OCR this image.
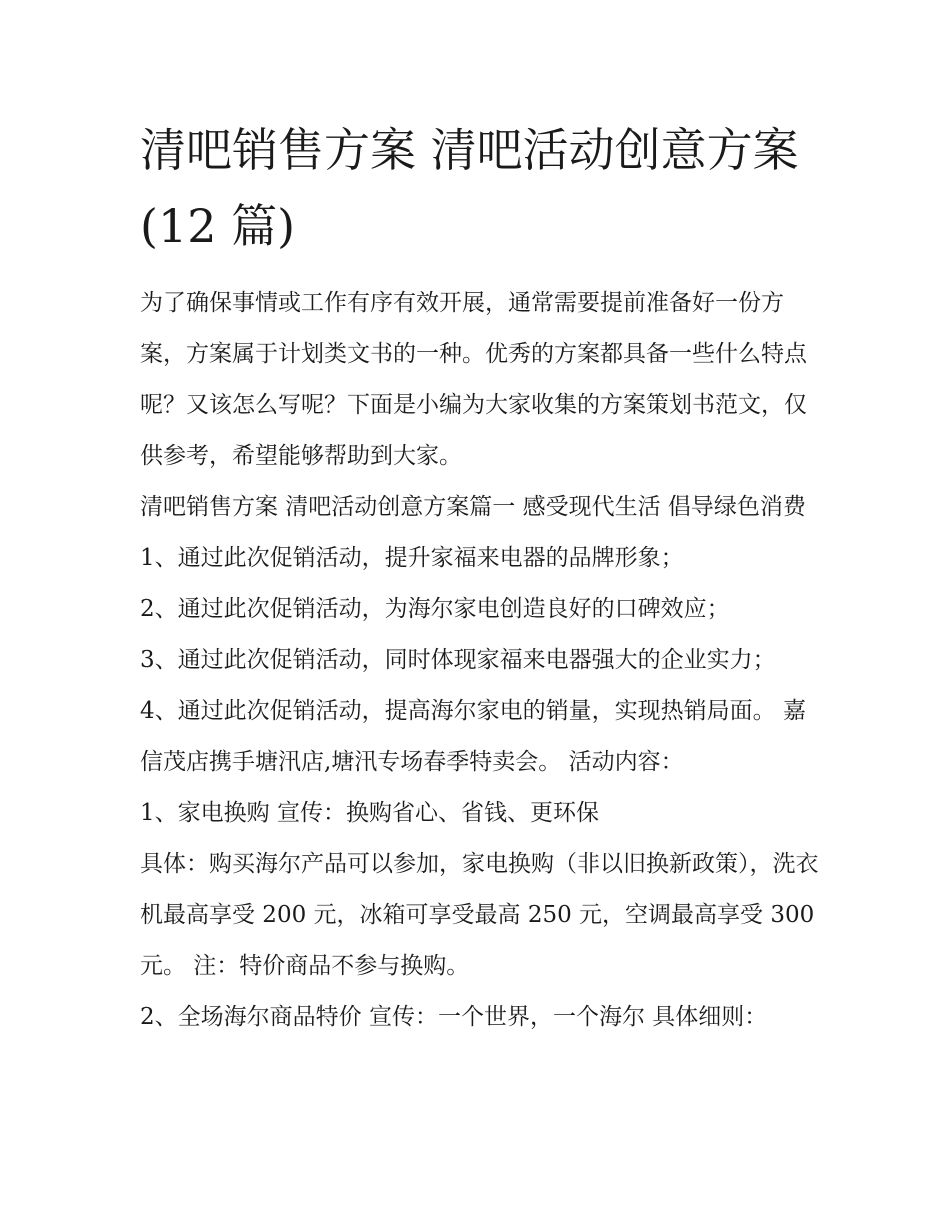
清吧销售方案 清吧活动创意方案(12 篇)

为了确保事情或工作有序有效开展，通常需要提前准备好一份方案，方案属于计划类文书的一种。优秀的方案都具备一些什么特点呢？又该怎么写呢？下面是小编为大家收集的方案策划书范文，仅供参考，希望能够帮助到大家。

清吧销售方案 清吧活动创意方案篇一 感受现代生活 倡导绿色消费 1、通过此次促销活动，提升家福来电器的品牌形象；

2、通过此次促销活动，为海尔家电创造良好的口碑效应；

3、通过此次促销活动，同时体现家福来电器强大的企业实力；

4、通过此次促销活动，提高海尔家电的销量，实现热销局面。 嘉信茂店携手塘汛店,塘汛专场春季特卖会。 活动内容：

1、家电换购 宣传：换购省心、省钱、更环保

具体：购买海尔产品可以参加，家电换购（非以旧换新政策），洗衣机最高享受 200 元，冰箱可享受最高 250 元，空调最高享受 300 元。 注：特价商品不参与换购。

2、全场海尔商品特价 宣传：一个世界，一个海尔 具体细则：
